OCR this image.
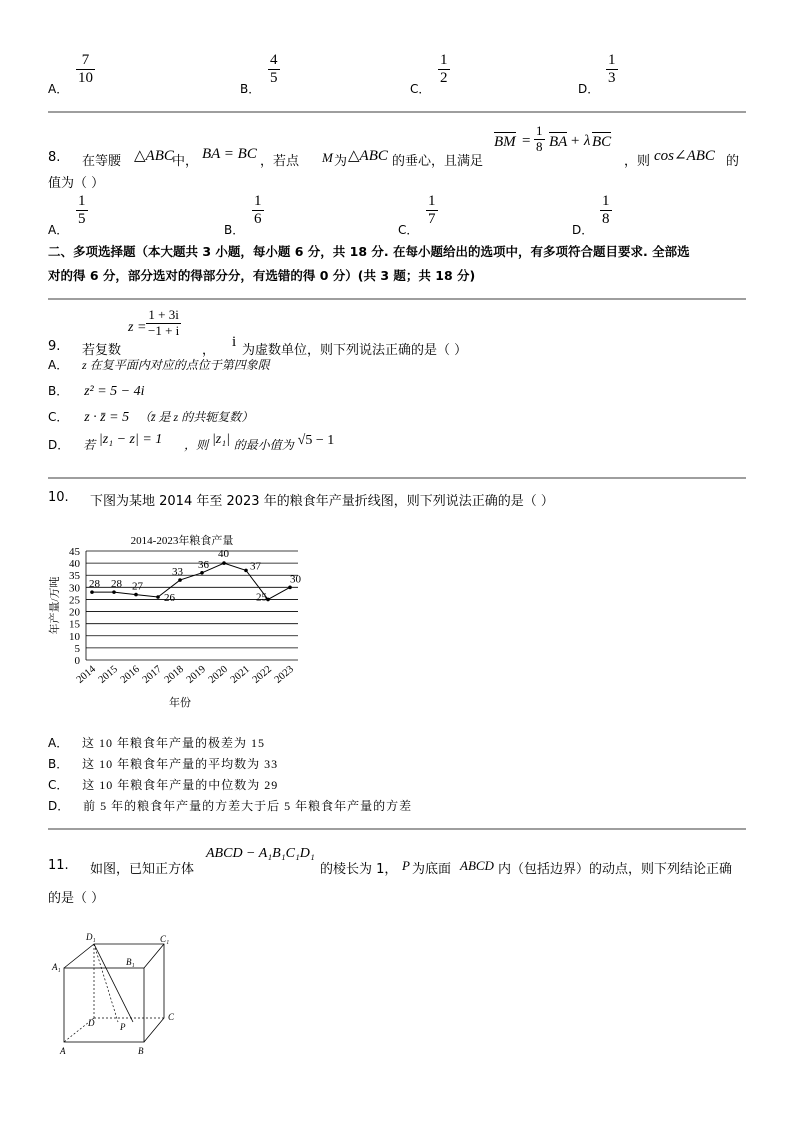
A．
$\frac{7}{10}$
B．
$\frac{4}{5}$
C．
$\frac{1}{2}$
D．
$\frac{1}{3}$
8. 在等腰 △ABC
中， BA = BC ，若点 M 为 △ABC 的垂心，且满足
BM = $\frac{1}{8}$ BA + λ BC
，则 cos∠ABC 的
值为（ ）
A．
$\frac{1}{5}$
B．
$\frac{1}{6}$
C．
$\frac{1}{7}$
D．
$\frac{1}{8}$
二、多项选择题（本大题共 3 小题，每小题 6 分，共 18 分. 在每小题给出的选项中，有多项符合题目要求. 全部选
对的得 6 分，部分选对的得部分分，有选错的得 0 分）(共 3 题；共 18 分)
9. 若复数
$z = \frac{1 + 3i}{-1 + i}$
，
i
为虚数单位，则下列说法正确的是（ ）
A． z 在复平面内对应的点位于第四象限
B． z² = 5 − 4i
C． z · z̄ = 5 （z̄ 是 z 的共轭复数）
D． 若 |z₁ − z| = 1 ，则 |z₁| 的最小值为 √5 − 1
10. 下图为某地 2014 年至 2023 年的粮食年产量折线图，则下列说法正确的是（ ）
2014-2023年粮食产量
0
5
10
15
20
25
30
35
40
45
2014
2015
2016
2017
2018
2019
2020
2021
2022
2023
28 28 27
26
33
36
40
37
25
30
年产量/万吨
年份
A． 这 10 年粮食年产量的极差为 15
B． 这 10 年粮食年产量的平均数为 33
C． 这 10 年粮食年产量的中位数为 29
D． 前 5 年的粮食年产量的方差大于后 5 年粮食年产量的方差
11. 如图，已知正方体
ABCD − A₁B₁C₁D₁
的棱长为 1， P 为底面 ABCD 内（包括边界）的动点，则下列结论正确
的是（ ）
D₁	C₁
A₁	B₁
D	P
C
A	B
